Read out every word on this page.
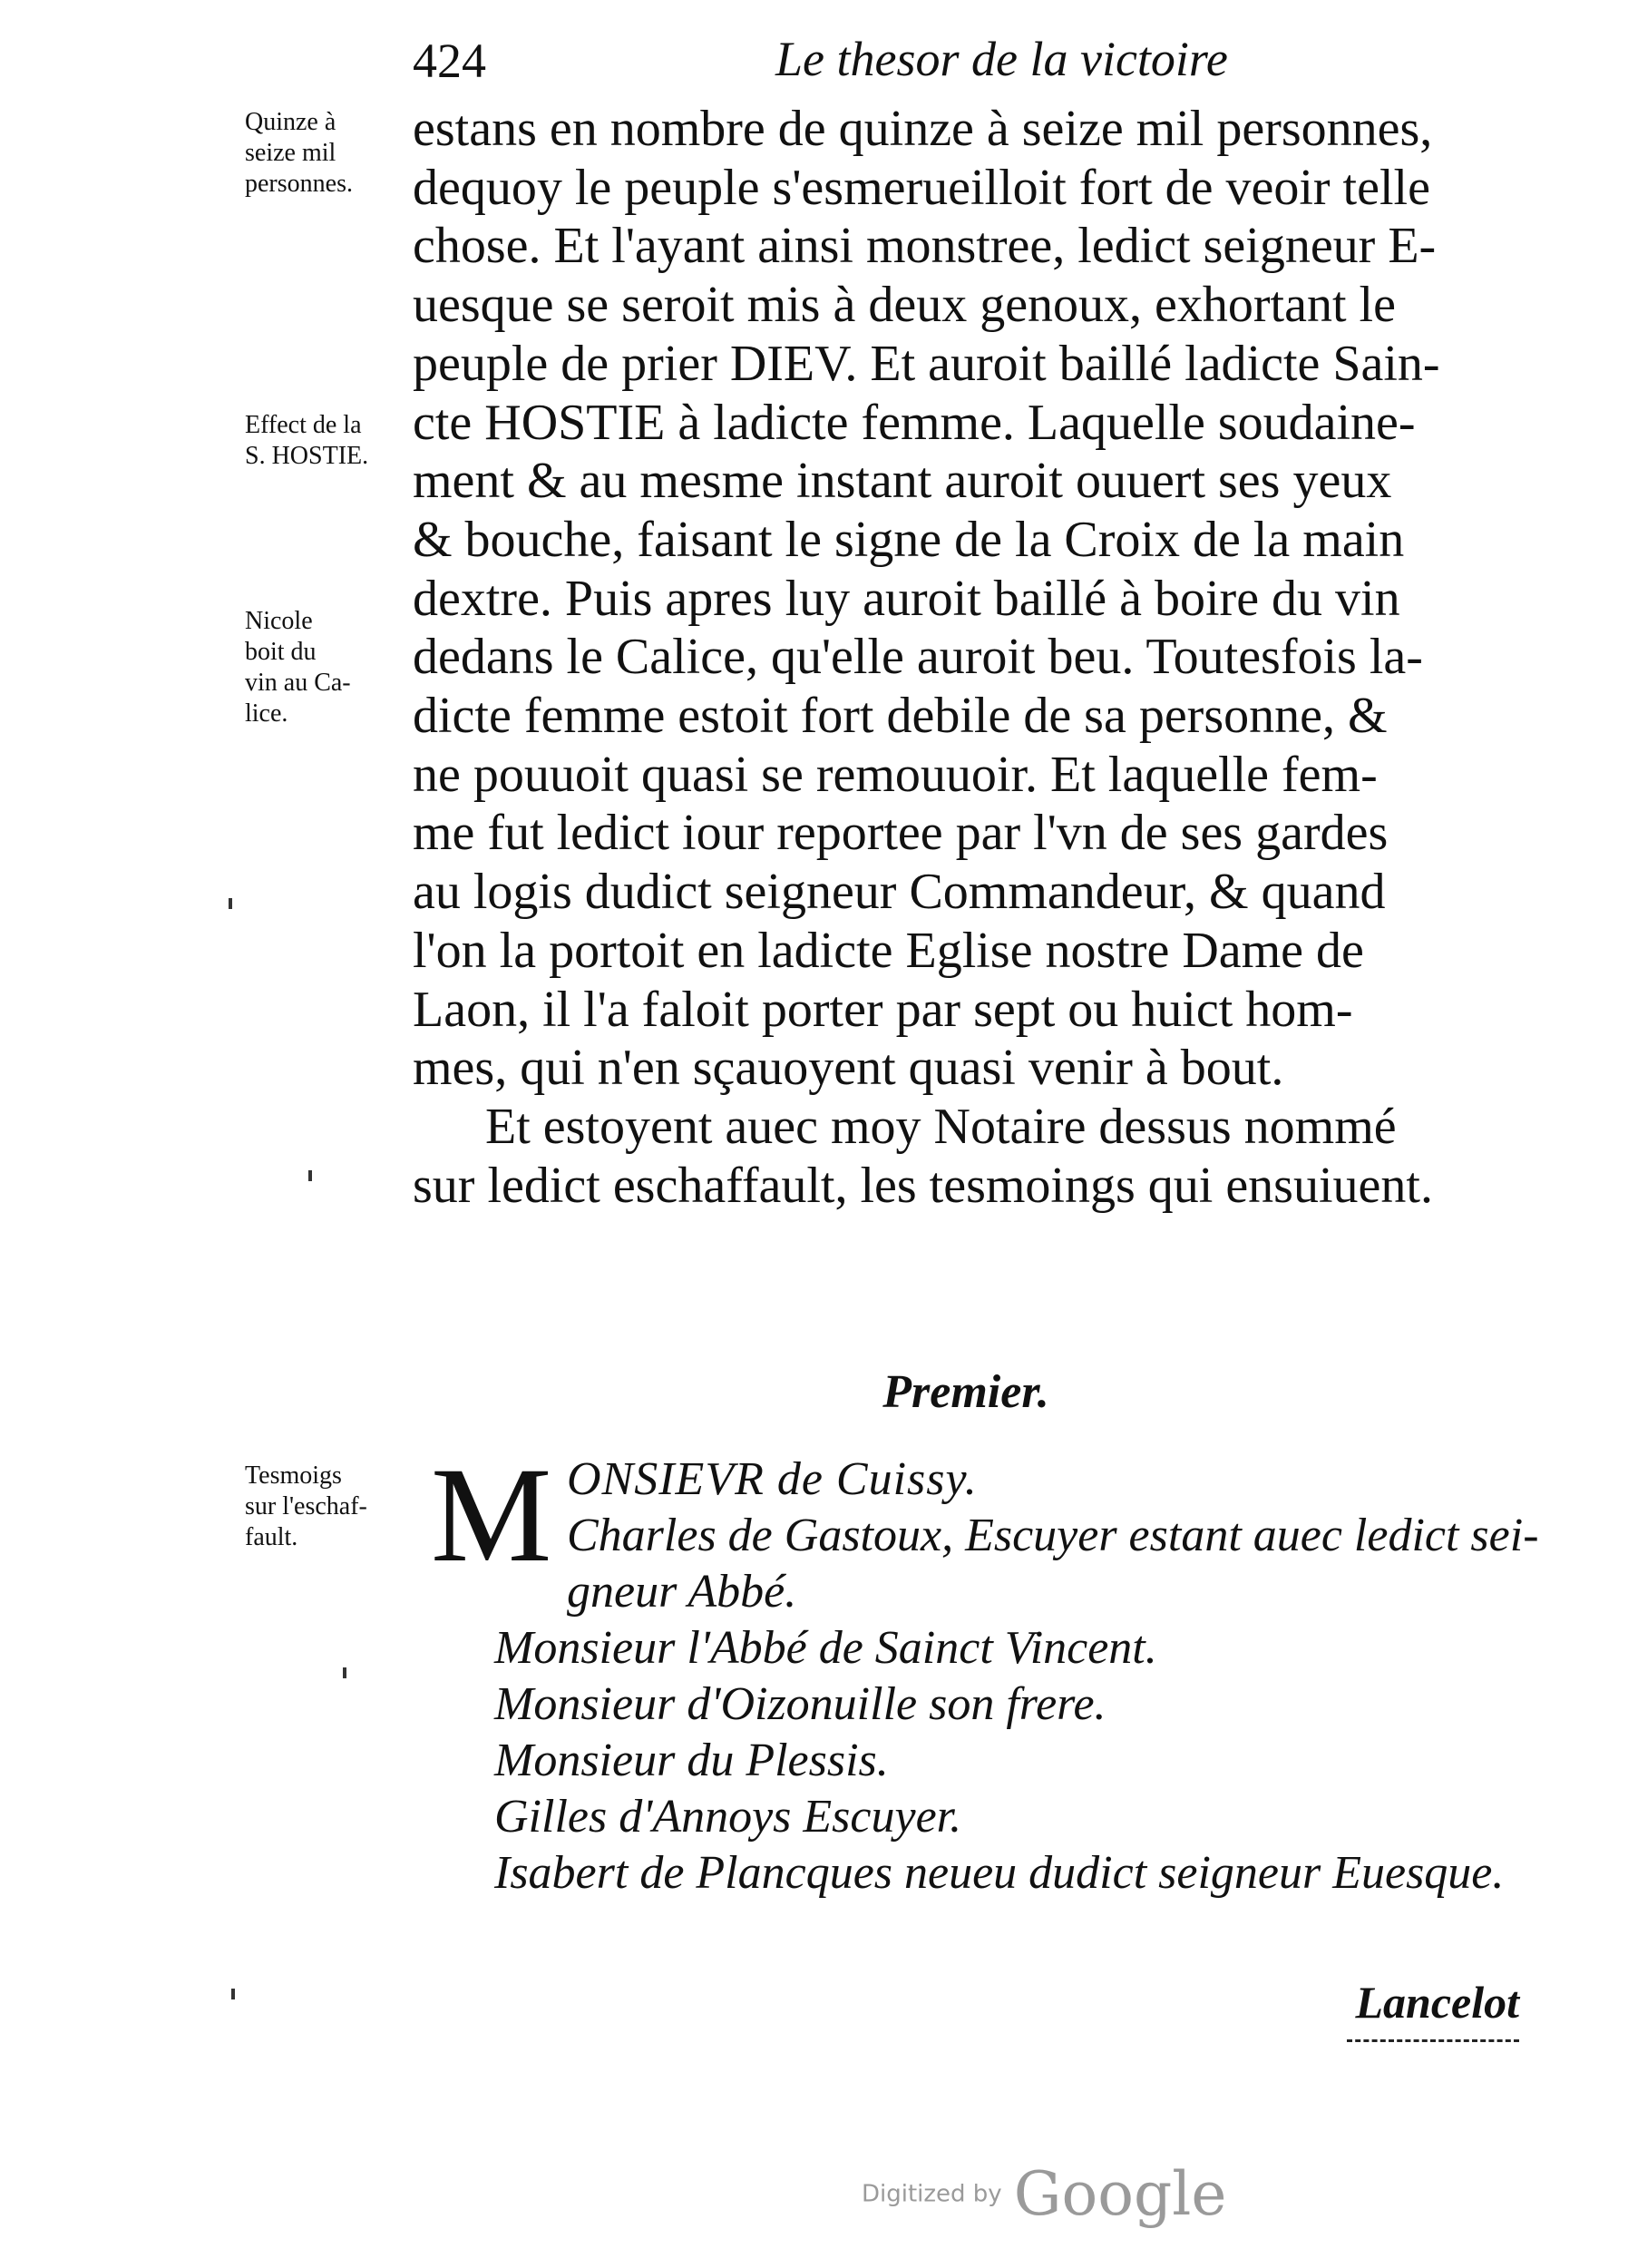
424	Le thesor de la victoire
Quinze à
seize mil
personnes.
Effect de la
S. HOSTIE.
Nicole
boit du
vin au Ca-
lice.
Tesmoigs
sur l'eschaf-
fault.
estans en nombre de quinze à seize mil personnes,
dequoy le peuple s'esmerueilloit fort de veoir telle
chose. Et l'ayant ainsi monstree, ledict seigneur E-
uesque se seroit mis à deux genoux, exhortant le
peuple de prier DIEV. Et auroit baillé ladicte Sain-
cte HOSTIE à ladicte femme. Laquelle soudaine-
ment & au mesme instant auroit ouuert ses yeux
& bouche, faisant le signe de la Croix de la main
dextre. Puis apres luy auroit baillé à boire du vin
dedans le Calice, qu'elle auroit beu. Toutesfois la-
dicte femme estoit fort debile de sa personne, &
ne pouuoit quasi se remouuoir. Et laquelle fem-
me fut ledict iour reportee par l'vn de ses gardes
au logis dudict seigneur Commandeur, & quand
l'on la portoit en ladicte Eglise nostre Dame de
Laon, il l'a faloit porter par sept ou huict hom-
mes, qui n'en sçauoyent quasi venir à bout.
Et estoyent auec moy Notaire dessus nommé
sur ledict eschaffault, les tesmoings qui ensuiuent.
Premier.
M ONSIEVR de Cuissy.
Charles de Gastoux, Escuyer estant auec ledict sei-
gneur Abbé.
Monsieur l'Abbé de Sainct Vincent.
Monsieur d'Oizonuille son frere.
Monsieur du Plessis.
Gilles d'Annoys Escuyer.
Isabert de Plancques neueu dudict seigneur Euesque.
Lancelot
Digitized by Google
